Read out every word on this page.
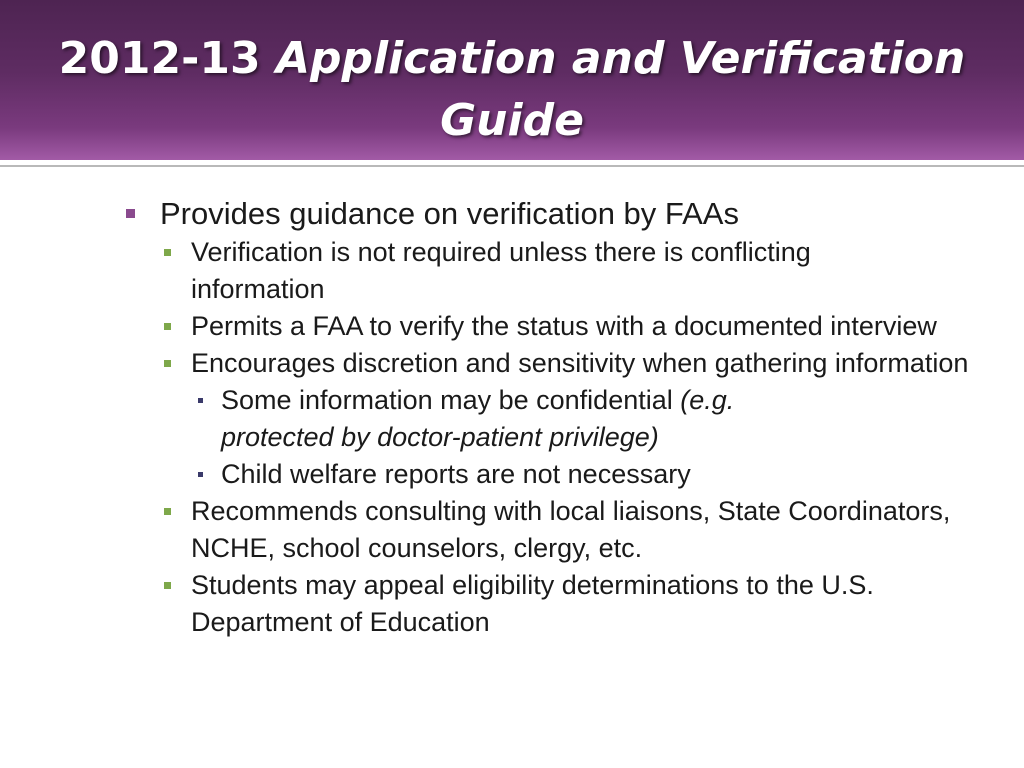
2012-13 Application and Verification Guide
Provides guidance on verification by FAAs
Verification is not required unless there is conflicting information
Permits a FAA to verify the status with a documented interview
Encourages discretion and sensitivity when gathering information
Some information may be confidential (e.g. protected by doctor-patient privilege)
Child welfare reports are not necessary
Recommends consulting with local liaisons, State Coordinators, NCHE, school counselors, clergy, etc.
Students may appeal eligibility determinations to the U.S. Department of Education
